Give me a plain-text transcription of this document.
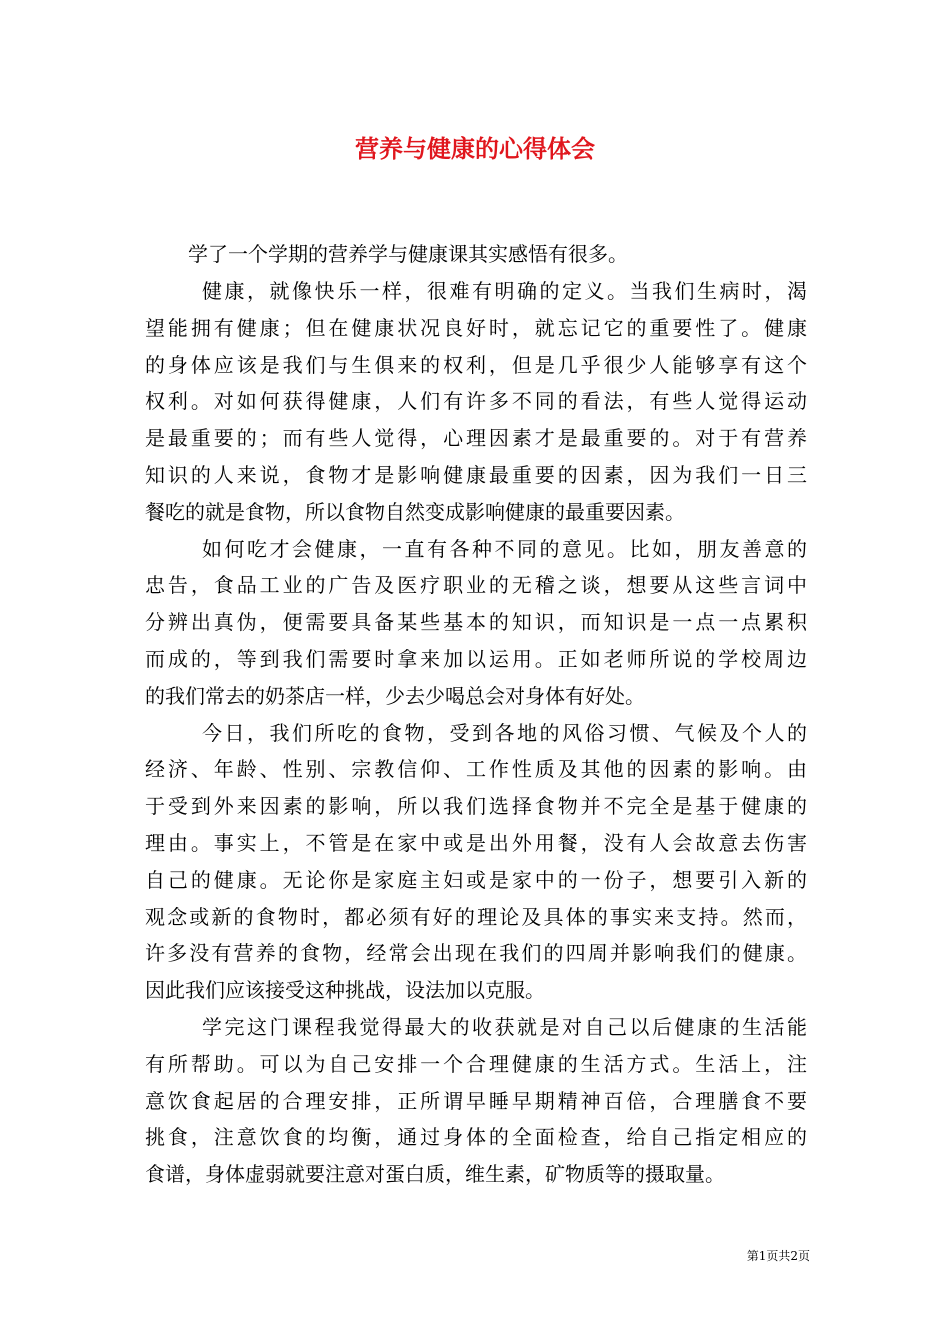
营养与健康的心得体会
学了一个学期的营养学与健康课其实感悟有很多。
健康，就像快乐一样，很难有明确的定义。当我们生病时，渴
望能拥有健康；但在健康状况良好时，就忘记它的重要性了。健康
的身体应该是我们与生俱来的权利，但是几乎很少人能够享有这个
权利。对如何获得健康，人们有许多不同的看法，有些人觉得运动
是最重要的；而有些人觉得，心理因素才是最重要的。对于有营养
知识的人来说，食物才是影响健康最重要的因素，因为我们一日三
餐吃的就是食物，所以食物自然变成影响健康的最重要因素。
如何吃才会健康，一直有各种不同的意见。比如，朋友善意的
忠告，食品工业的广告及医疗职业的无稽之谈，想要从这些言词中
分辨出真伪，便需要具备某些基本的知识，而知识是一点一点累积
而成的，等到我们需要时拿来加以运用。正如老师所说的学校周边
的我们常去的奶茶店一样，少去少喝总会对身体有好处。
今日，我们所吃的食物，受到各地的风俗习惯、气候及个人的
经济、年龄、性别、宗教信仰、工作性质及其他的因素的影响。由
于受到外来因素的影响，所以我们选择食物并不完全是基于健康的
理由。事实上，不管是在家中或是出外用餐，没有人会故意去伤害
自己的健康。无论你是家庭主妇或是家中的一份子，想要引入新的
观念或新的食物时，都必须有好的理论及具体的事实来支持。然而，
许多没有营养的食物，经常会出现在我们的四周并影响我们的健康。
因此我们应该接受这种挑战，设法加以克服。
学完这门课程我觉得最大的收获就是对自己以后健康的生活能
有所帮助。可以为自己安排一个合理健康的生活方式。生活上，注
意饮食起居的合理安排，正所谓早睡早期精神百倍，合理膳食不要
挑食，注意饮食的均衡，通过身体的全面检查，给自己指定相应的
食谱，身体虚弱就要注意对蛋白质，维生素，矿物质等的摄取量。
第1页共2页
